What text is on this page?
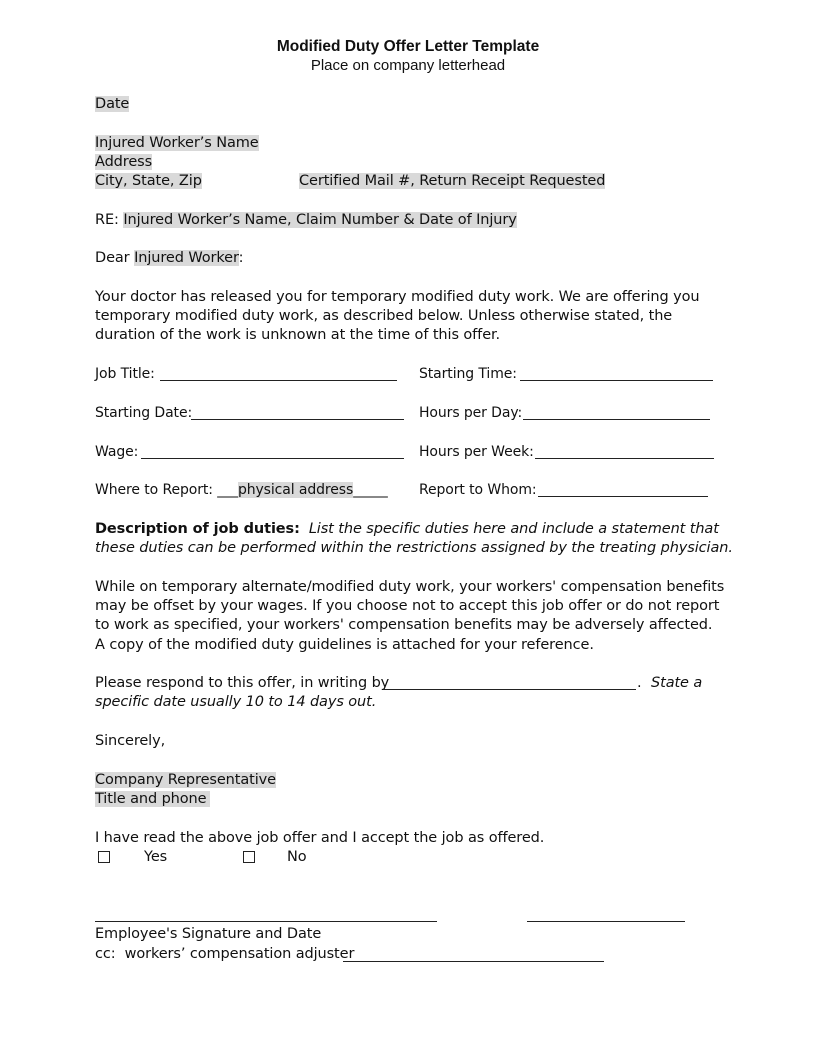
Modified Duty Offer Letter Template
Place on company letterhead
Date
Injured Worker’s Name
Address
City, State, Zip	Certified Mail #, Return Receipt Requested
RE: Injured Worker’s Name, Claim Number & Date of Injury
Dear Injured Worker:
Your doctor has released you for temporary modified duty work. We are offering you
temporary modified duty work, as described below. Unless otherwise stated, the
duration of the work is unknown at the time of this offer.
Job Title:	Starting Time:
Starting Date:	Hours per Day:
Wage:	Hours per Week:
Where to Report: ___physical address_____ Report to Whom:
Description of job duties: List the specific duties here and include a statement that
these duties can be performed within the restrictions assigned by the treating physician.
While on temporary alternate/modified duty work, your workers' compensation benefits
may be offset by your wages. If you choose not to accept this job offer or do not report
to work as specified, your workers' compensation benefits may be adversely affected.
A copy of the modified duty guidelines is attached for your reference.
Please respond to this offer, in writing by	. State a
specific date usually 10 to 14 days out.
Sincerely,
Company Representative
Title and phone
I have read the above job offer and I accept the job as offered.
Yes	No
Employee's Signature and Date
cc: workers’ compensation adjuster
